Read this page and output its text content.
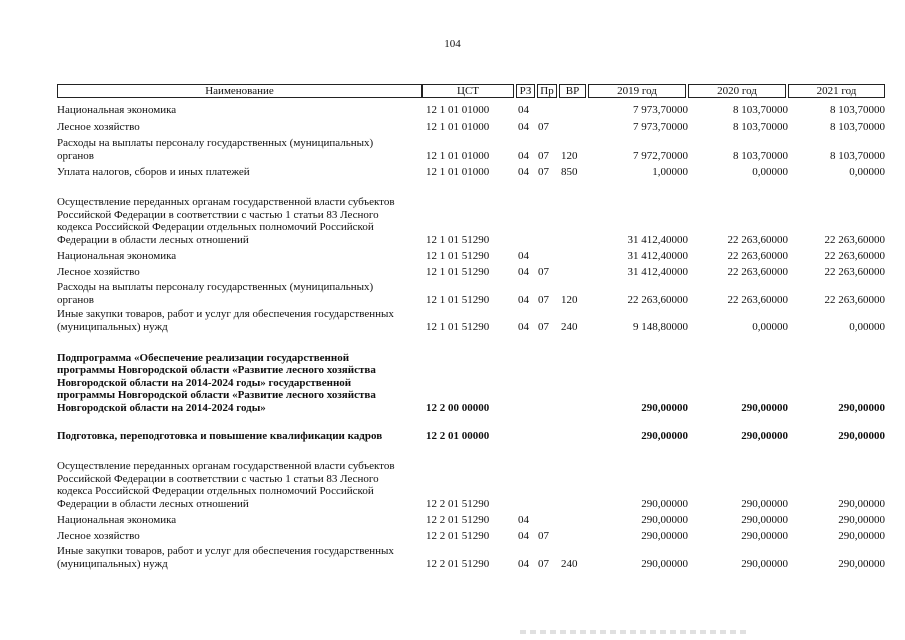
104
Наименование	ЦСТ	РЗ Пр	ВР	2019 год	2020 год	2021 год
Национальная экономика	12 1 01 01000	04	7 973,70000	8 103,70000	8 103,70000
Лесное хозяйство	12 1 01 01000	04 07	7 973,70000	8 103,70000	8 103,70000
Расходы на выплаты персоналу государственных (муниципальных) органов	12 1 01 01000	04 07	120	7 972,70000	8 103,70000	8 103,70000
Уплата налогов, сборов и иных платежей	12 1 01 01000	04 07	850	1,00000	0,00000	0,00000
Осуществление переданных органам государственной власти субъектов Российской Федерации в соответствии с частью 1 статьи 83 Лесного кодекса Российской Федерации отдельных полномочий Российской Федерации в области лесных отношений	12 1 01 51290	31 412,40000	22 263,60000	22 263,60000
Национальная экономика	12 1 01 51290	04	31 412,40000	22 263,60000	22 263,60000
Лесное хозяйство	12 1 01 51290	04 07	31 412,40000	22 263,60000	22 263,60000
Расходы на выплаты персоналу государственных (муниципальных) органов	12 1 01 51290	04 07	120	22 263,60000	22 263,60000	22 263,60000
Иные закупки товаров, работ и услуг для обеспечения государственных (муниципальных) нужд	12 1 01 51290	04 07	240	9 148,80000	0,00000	0,00000
Подпрограмма «Обеспечение реализации государственной программы Новгородской области «Развитие лесного хозяйства Новгородской области на 2014-2024 годы» государственной программы Новгородской области «Развитие лесного хозяйства Новгородской области на 2014-2024 годы»	12 2 00 00000	290,00000	290,00000	290,00000
Подготовка, переподготовка и повышение квалификации кадров	12 2 01 00000	290,00000	290,00000	290,00000
Осуществление переданных органам государственной власти субъектов Российской Федерации в соответствии с частью 1 статьи 83 Лесного кодекса Российской Федерации отдельных полномочий Российской Федерации в области лесных отношений	12 2 01 51290	290,00000	290,00000	290,00000
Национальная экономика	12 2 01 51290	04	290,00000	290,00000	290,00000
Лесное хозяйство	12 2 01 51290	04 07	290,00000	290,00000	290,00000
Иные закупки товаров, работ и услуг для обеспечения государственных (муниципальных) нужд	12 2 01 51290	04 07	240	290,00000	290,00000	290,00000
